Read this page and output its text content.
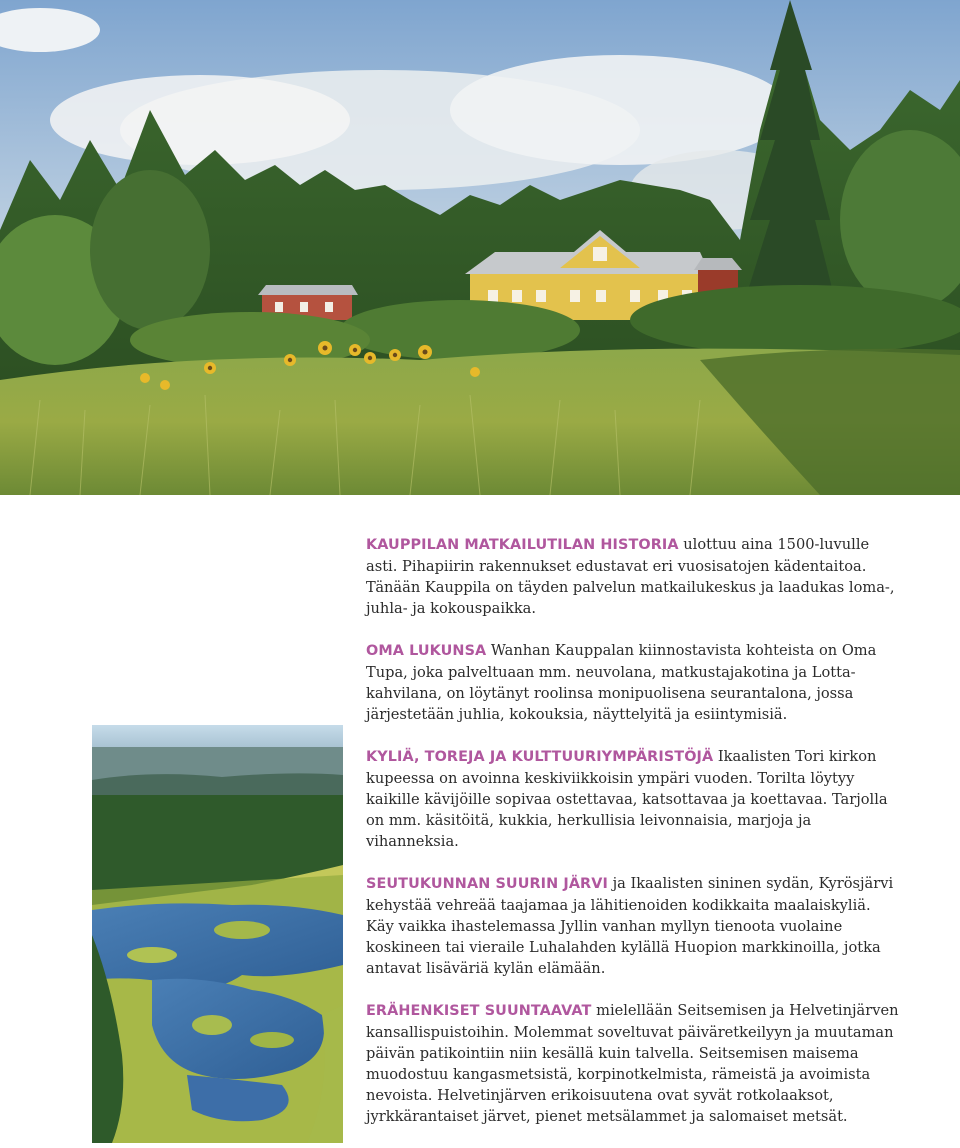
KAUPPILAN MATKAILUTILAN HISTORIA ulottuu aina 1500-luvulle asti. Pihapiirin rakennukset edustavat eri vuosisatojen kädentaitoa. Tänään Kauppila on täyden palvelun matkailukeskus ja laadukas loma-, juhla- ja kokouspaikka.

OMA LUKUNSA Wanhan Kauppalan kiinnostavista kohteista on Oma Tupa, joka palveltuaan mm. neuvolana, matkustajakotina ja Lotta-kahvilana, on löytänyt roolinsa monipuolisena seurantalona, jossa järjestetään juhlia, kokouksia, näyttelyitä ja esiintymisiä.

KYLIÄ, TOREJA JA KULTTUURIYMPÄRISTÖJÄ Ikaalisten Tori kirkon kupeessa on avoinna keskiviikkoisin ympäri vuoden. Torilta löytyy kaikille kävijöille sopivaa ostettavaa, katsottavaa ja koettavaa. Tarjolla on mm. käsitöitä, kukkia, herkullisia leivonnaisia, marjoja ja vihanneksia.

SEUTUKUNNAN SUURIN JÄRVI ja Ikaalisten sininen sydän, Kyrösjärvi kehystää vehreää taajamaa ja lähitienoiden kodikkaita maalaiskyliä. Käy vaikka ihastelemassa Jyllin vanhan myllyn tienoota vuolaine koskineen tai vieraile Luhalahden kylällä Huopion markkinoilla, jotka antavat lisäväriä kylän elämään.

ERÄHENKISET SUUNTAAVAT mielellään Seitsemisen ja Helvetinjärven kansallispuistoihin. Molemmat soveltuvat päiväretkeilyyn ja muutaman päivän patikointiin niin kesällä kuin talvella. Seitsemisen maisema muodostuu kangasmetsistä, korpinotkelmista, rämeistä ja avoimista nevoista. Helvetinjärven erikoisuutena ovat syvät rotkolaaksot, jyrkkärantaiset järvet, pienet metsälammet ja salomaiset metsät.
